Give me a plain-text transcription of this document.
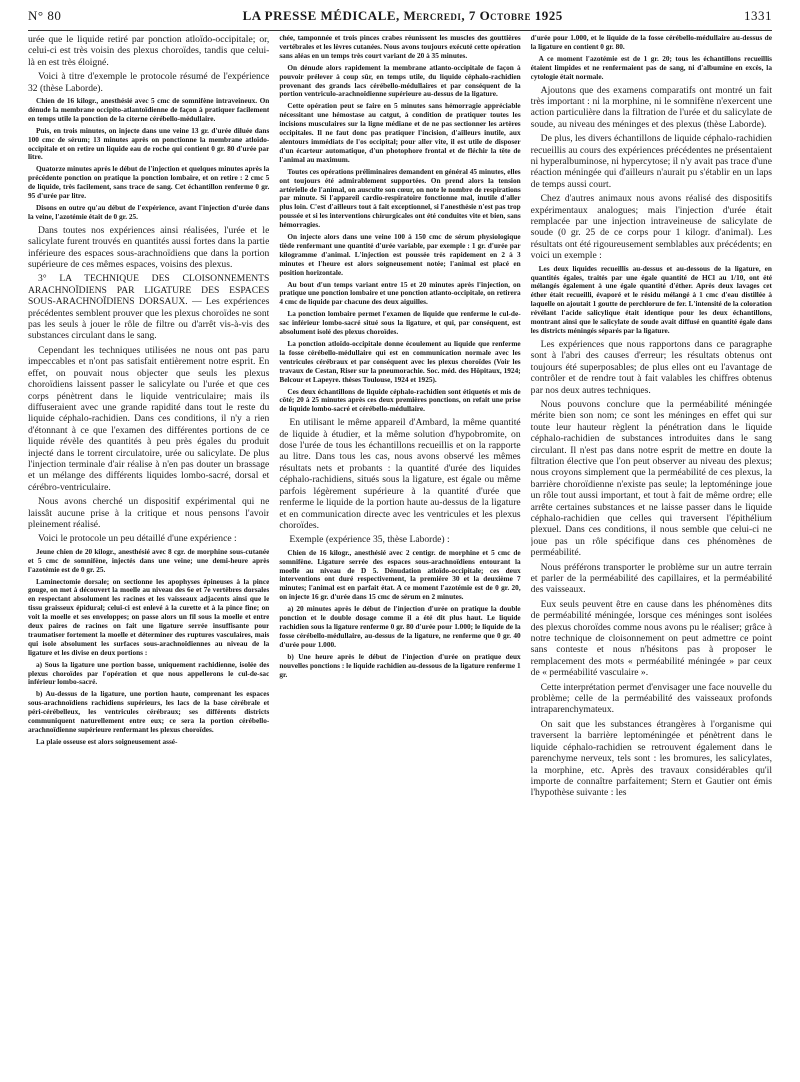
N° 80	LA PRESSE MÉDICALE, Mercredi, 7 Octobre 1925	1331

urée que le liquide retiré par ponction atloïdo-occipitale; or, celui-ci est très voisin des plexus choroïdes, tandis que celui-là en est très éloigné.

Voici à titre d'exemple le protocole résumé de l'expérience 32 (thèse Laborde).

Chien de 16 kilogr., anesthésié avec 5 cmc de somnifène intraveineux. On dénude la membrane occipito-atlantoïdienne de façon à pratiquer facilement en temps utile la ponction de la citerne cérébello-médullaire.

Puis, en trois minutes, on injecte dans une veine 13 gr. d'urée diluée dans 100 cmc de sérum; 13 minutes après on ponctionne la membrane atloïdo-occipitale et on retire un liquide eau de roche qui contient 0 gr. 80 d'urée par litre.

Quatorze minutes après le début de l'injection et quelques minutes après la précédente ponction on pratique la ponction lombaire, et on retire : 2 cmc 5 de liquide, très facilement, sans trace de sang. Cet échantillon renferme 0 gr. 95 d'urée par litre.

Disons en outre qu'au début de l'expérience, avant l'injection d'urée dans la veine, l'azotémie était de 0 gr. 25.

Dans toutes nos expériences ainsi réalisées, l'urée et le salicylate furent trouvés en quantités aussi fortes dans la partie inférieure des espaces sous-arachnoïdiens que dans la portion supérieure de ces mêmes espaces, voisins des plexus.

3° LA TECHNIQUE DES CLOISONNEMENTS ARACHNOÏDIENS PAR LIGATURE DES ESPACES SOUS-ARACHNOÏDIENS DORSAUX. — Les expériences précédentes semblent prouver que les plexus choroïdes ne sont pas les seuls à jouer le rôle de filtre ou d'arrêt vis-à-vis des substances circulant dans le sang.

Cependant les techniques utilisées ne nous ont pas paru impeccables et n'ont pas satisfait entièrement notre esprit. En effet, on pouvait nous objecter que seuls les plexus choroïdiens laissent passer le salicylate ou l'urée et que ces corps pénètrent dans le liquide ventriculaire; mais ils diffuseraient avec une grande rapidité dans tout le reste du liquide céphalo-rachidien. Dans ces conditions, il n'y a rien d'étonnant à ce que l'examen des différentes portions de ce liquide révèle des quantités à peu près égales du produit injecté dans le torrent circulatoire, urée ou salicylate. De plus l'injection terminale d'air réalise à n'en pas douter un brassage et un mélange des différents liquides lombo-sacré, dorsal et cérébro-ventriculaire.

Nous avons cherché un dispositif expérimental qui ne laissât aucune prise à la critique et nous pensons l'avoir pleinement réalisé.

Voici le protocole un peu détaillé d'une expérience :

Jeune chien de 20 kilogr., anesthésié avec 8 cgr. de morphine sous-cutanée et 5 cmc de somnifène, injectés dans une veine; une demi-heure après l'azotémie est de 0 gr. 25.

Laminectomie dorsale; on sectionne les apophyses épineuses à la pince gouge, on met à découvert la moelle au niveau des 6e et 7e vertèbres dorsales en respectant absolument les racines et les vaisseaux adjacents ainsi que le tissu graisseux épidural; celui-ci est enlevé à la curette et à la pince fine; on voit la moelle et ses enveloppes; on passe alors un fil sous la moelle et entre deux paires de racines on fait une ligature serrée insuffisante pour traumatiser fortement la moelle et déterminer des ruptures vasculaires, mais qui isole absolument les surfaces sous-arachnoïdiennes au niveau de la ligature et les divise en deux portions :

a) Sous la ligature une portion basse, uniquement rachidienne, isolée des plexus choroïdes par l'opération et que nous appellerons le cul-de-sac inférieur lombo-sacré.

b) Au-dessus de la ligature, une portion haute, comprenant les espaces sous-arachnoïdiens rachidiens supérieurs, les lacs de la base cérébrale et péri-cérébelleux, les ventricules cérébraux; ses différents districts communiquent naturellement entre eux; ce sera la portion cérébello-arachnoïdienne supérieure renfermant les plexus choroïdes.

La plaie osseuse est alors soigneusement assé-

chée, tamponnée et trois pinces crabes réunissent les muscles des gouttières vertébrales et les lèvres cutanées. Nous avons toujours exécuté cette opération sans aléas en un temps très court variant de 20 à 35 minutes.

On dénude alors rapidement la membrane atlanto-occipitale de façon à pouvoir prélever à coup sûr, en temps utile, du liquide céphalo-rachidien provenant des grands lacs cérébello-médullaires et par conséquent de la portion ventriculo-arachnoïdienne supérieure au-dessus de la ligature.

Cette opération peut se faire en 5 minutes sans hémorragie appréciable nécessitant une hémostase au catgut, à condition de pratiquer toutes les incisions musculaires sur la ligne médiane et de ne pas sectionner les artères occipitales. Il ne faut donc pas pratiquer l'incision, d'ailleurs inutile, aux alentours immédiats de l'os occipital; pour aller vite, il est utile de disposer d'un écarteur automatique, d'un photophore frontal et de fléchir la tête de l'animal au maximum.

Toutes ces opérations préliminaires demandent en général 45 minutes, elles ont toujours été admirablement supportées. On prend alors la tension artérielle de l'animal, on ausculte son cœur, on note le nombre de respirations par minute. Si l'appareil cardio-respiratoire fonctionne mal, inutile d'aller plus loin. C'est d'ailleurs tout à fait exceptionnel, si l'anesthésie n'est pas trop poussée et si les interventions chirurgicales ont été conduites vite et bien, sans hémorragies.

On injecte alors dans une veine 100 à 150 cmc de sérum physiologique tiède renfermant une quantité d'urée variable, par exemple : 1 gr. d'urée par kilogramme d'animal. L'injection est poussée très rapidement en 2 à 3 minutes et l'heure est alors soigneusement notée; l'animal est placé en position horizontale.

Au bout d'un temps variant entre 15 et 20 minutes après l'injection, on pratique une ponction lombaire et une ponction atlanto-occipitale, on retirera 4 cmc de liquide par chacune des deux aiguilles.

La ponction lombaire permet l'examen de liquide que renferme le cul-de-sac inférieur lombo-sacré situé sous la ligature, et qui, par conséquent, est absolument isolé des plexus choroïdes.

La ponction atloïdo-occipitale donne écoulement au liquide que renferme la fosse cérébello-médullaire qui est en communication normale avec les ventricules cérébraux et par conséquent avec les plexus choroïdes (Voir les travaux de Cestan, Riser sur la pneumorachie. Soc. méd. des Hôpitaux, 1924; Belcour et Lapeyre. thèses Toulouse, 1924 et 1925).

Ces deux échantillons de liquide céphalo-rachidien sont étiquetés et mis de côté; 20 à 25 minutes après ces deux premières ponctions, on refait une prise de liquide lombo-sacré et cérébello-médullaire.

En utilisant le même appareil d'Ambard, la même quantité de liquide à étudier, et la même solution d'hypobromite, on dose l'urée de tous les échantillons recueillis et on la rapporte au litre. Dans tous les cas, nous avons observé les mêmes résultats nets et probants : la quantité d'urée des liquides céphalo-rachidiens, situés sous la ligature, est égale ou même parfois légèrement supérieure à la quantité d'urée que renferme le liquide de la portion haute au-dessus de la ligature et en communication directe avec les ventricules et les plexus choroïdes.

Exemple (expérience 35, thèse Laborde) :

Chien de 16 kilogr., anesthésié avec 2 centigr. de morphine et 5 cmc de somnifène. Ligature serrée des espaces sous-arachnoïdiens entourant la moelle au niveau de D 5. Dénudation atloïdo-occipitale; ces deux interventions ont duré respectivement, la première 30 et la deuxième 7 minutes; l'animal est en parfait état. A ce moment l'azotémie est de 0 gr. 20, on injecte 16 gr. d'urée dans 15 cmc de sérum en 2 minutes.

a) 20 minutes après le début de l'injection d'urée on pratique la double ponction et le double dosage comme il a été dit plus haut. Le liquide rachidien sous la ligature renferme 0 gr. 80 d'urée pour 1.000; le liquide de la fosse cérébello-médullaire, au-dessus de la ligature, ne renferme que 0 gr. 40 d'urée pour 1.000.

b) Une heure après le début de l'injection d'urée on pratique deux nouvelles ponctions : le liquide rachidien au-dessous de la ligature renferme 1 gr.

d'urée pour 1.000, et le liquide de la fosse cérébello-médullaire au-dessus de la ligature en contient 0 gr. 80.

A ce moment l'azotémie est de 1 gr. 20; tous les échantillons recueillis étaient limpides et ne renfermaient pas de sang, ni d'albumine en excès, la cytologie était normale.

Ajoutons que des examens comparatifs ont montré un fait très important : ni la morphine, ni le somnifène n'exercent une action particulière dans la filtration de l'urée et du salicylate de soude, au niveau des méninges et des plexus (thèse Laborde).

De plus, les divers échantillons de liquide céphalo-rachidien recueillis au cours des expériences précédentes ne présentaient ni hyperalbuminose, ni hypercytose; il n'y avait pas trace d'une réaction méningée qui d'ailleurs n'aurait pu s'établir en un laps de temps aussi court.

Chez d'autres animaux nous avons réalisé des dispositifs expérimentaux analogues; mais l'injection d'urée était remplacée par une injection intraveineuse de salicylate de soude (0 gr. 25 de ce corps pour 1 kilogr. d'animal). Les résultats ont été rigoureusement semblables aux précédents; en voici un exemple :

Les deux liquides recueillis au-dessus et au-dessous de la ligature, en quantités égales, traités par une égale quantité de HCl au 1/10, ont été mélangés également à une égale quantité d'éther. Après deux lavages cet éther était recueilli, évaporé et le résidu mélangé à 1 cmc d'eau distillée à laquelle on ajoutait 1 goutte de perchlorure de fer. L'intensité de la coloration révélant l'acide salicylique était identique pour les deux échantillons, montrant ainsi que le salicylate de soude avait diffusé en quantité égale dans les districts méningés séparés par la ligature.

Les expériences que nous rapportons dans ce paragraphe sont à l'abri des causes d'erreur; les résultats obtenus ont toujours été superposables; de plus elles ont eu l'avantage de contrôler et de rendre tout à fait valables les chiffres obtenus par nos deux autres techniques.

Nous pouvons conclure que la perméabilité méningée mérite bien son nom; ce sont les méninges en effet qui sur toute leur hauteur règlent la pénétration dans le liquide céphalo-rachidien de substances introduites dans le sang circulant. Il n'est pas dans notre esprit de mettre en doute la filtration élective que l'on peut observer au niveau des plexus; nous croyons simplement que la perméabilité de ces plexus, la barrière choroïdienne n'existe pas seule; la leptoméninge joue un rôle tout aussi important, et tout à fait de même ordre; elle arrête certaines substances et ne laisse passer dans le liquide céphalo-rachidien que celles qui traversent l'épithélium plexuel. Dans ces conditions, il nous semble que celui-ci ne joue pas un rôle spécifique dans ces phénomènes de perméabilité.

Nous préférons transporter le problème sur un autre terrain et parler de la perméabilité des capillaires, et la perméabilité des vaisseaux.

Eux seuls peuvent être en cause dans les phénomènes dits de perméabilité méningée, lorsque ces méninges sont isolées des plexus choroïdes comme nous avons pu le réaliser; grâce à notre technique de cloisonnement on peut admettre ce point sans conteste et nous n'hésitons pas à proposer le remplacement des mots « perméabilité méningée » par ceux de « perméabilité vasculaire ».

Cette interprétation permet d'envisager une face nouvelle du problème; celle de la perméabilité des vaisseaux profonds intraparenchymateux.

On sait que les substances étrangères à l'organisme qui traversent la barrière leptoméningée et pénètrent dans le liquide céphalo-rachidien se retrouvent également dans le parenchyme nerveux, tels sont : les bromures, les salicylates, la morphine, etc. Après des travaux considérables qu'il importe de connaître parfaitement; Stern et Gautier ont émis l'hypothèse suivante : les
